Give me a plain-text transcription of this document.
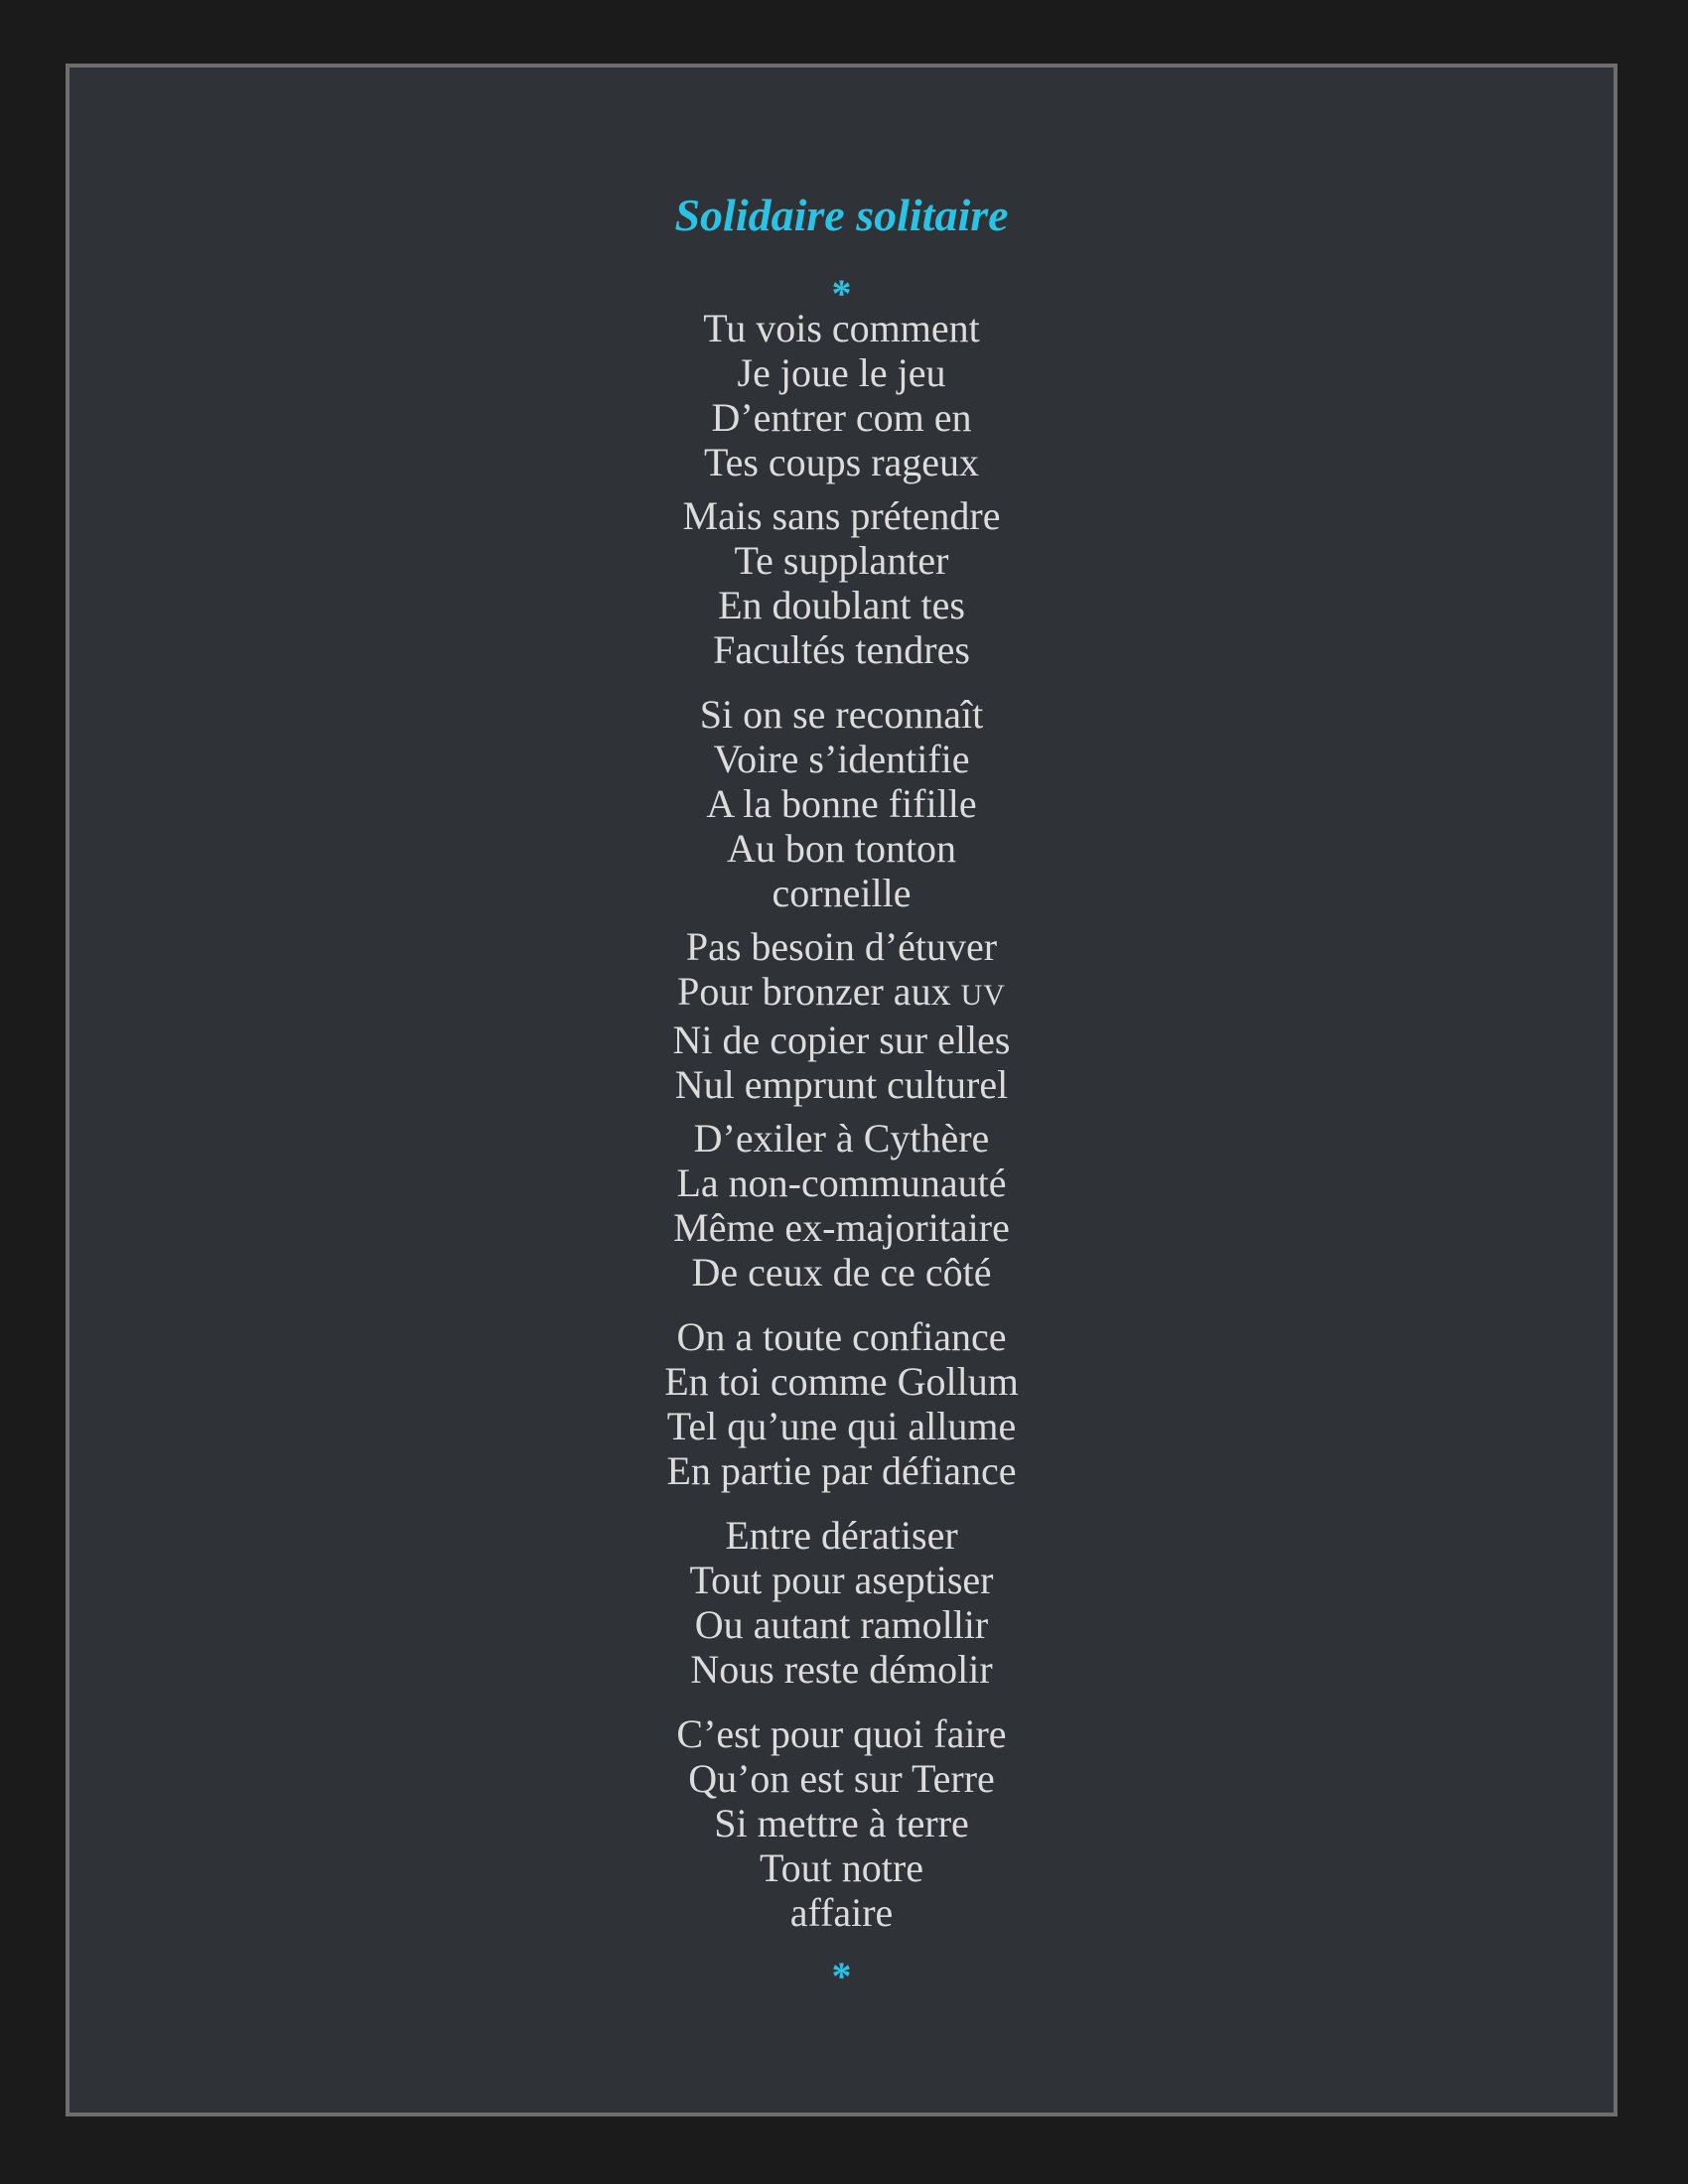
Solidaire solitaire
*
Tu vois comment
Je joue le jeu
D’entrer com en
Tes coups rageux
Mais sans prétendre
Te supplanter
En doublant tes
Facultés tendres
Si on se reconnaît
Voire s’identifie
A la bonne fifille
Au bon tonton
corneille
Pas besoin d’étuver
Pour bronzer aux UV
Ni de copier sur elles
Nul emprunt culturel
D’exiler à Cythère
La non-communauté
Même ex-majoritaire
De ceux de ce côté
On a toute confiance
En toi comme Gollum
Tel qu’une qui allume
En partie par défiance
Entre dératiser
Tout pour aseptiser
Ou autant ramollir
Nous reste démolir
C’est pour quoi faire
Qu’on est sur Terre
Si mettre à terre
Tout notre
affaire
*
